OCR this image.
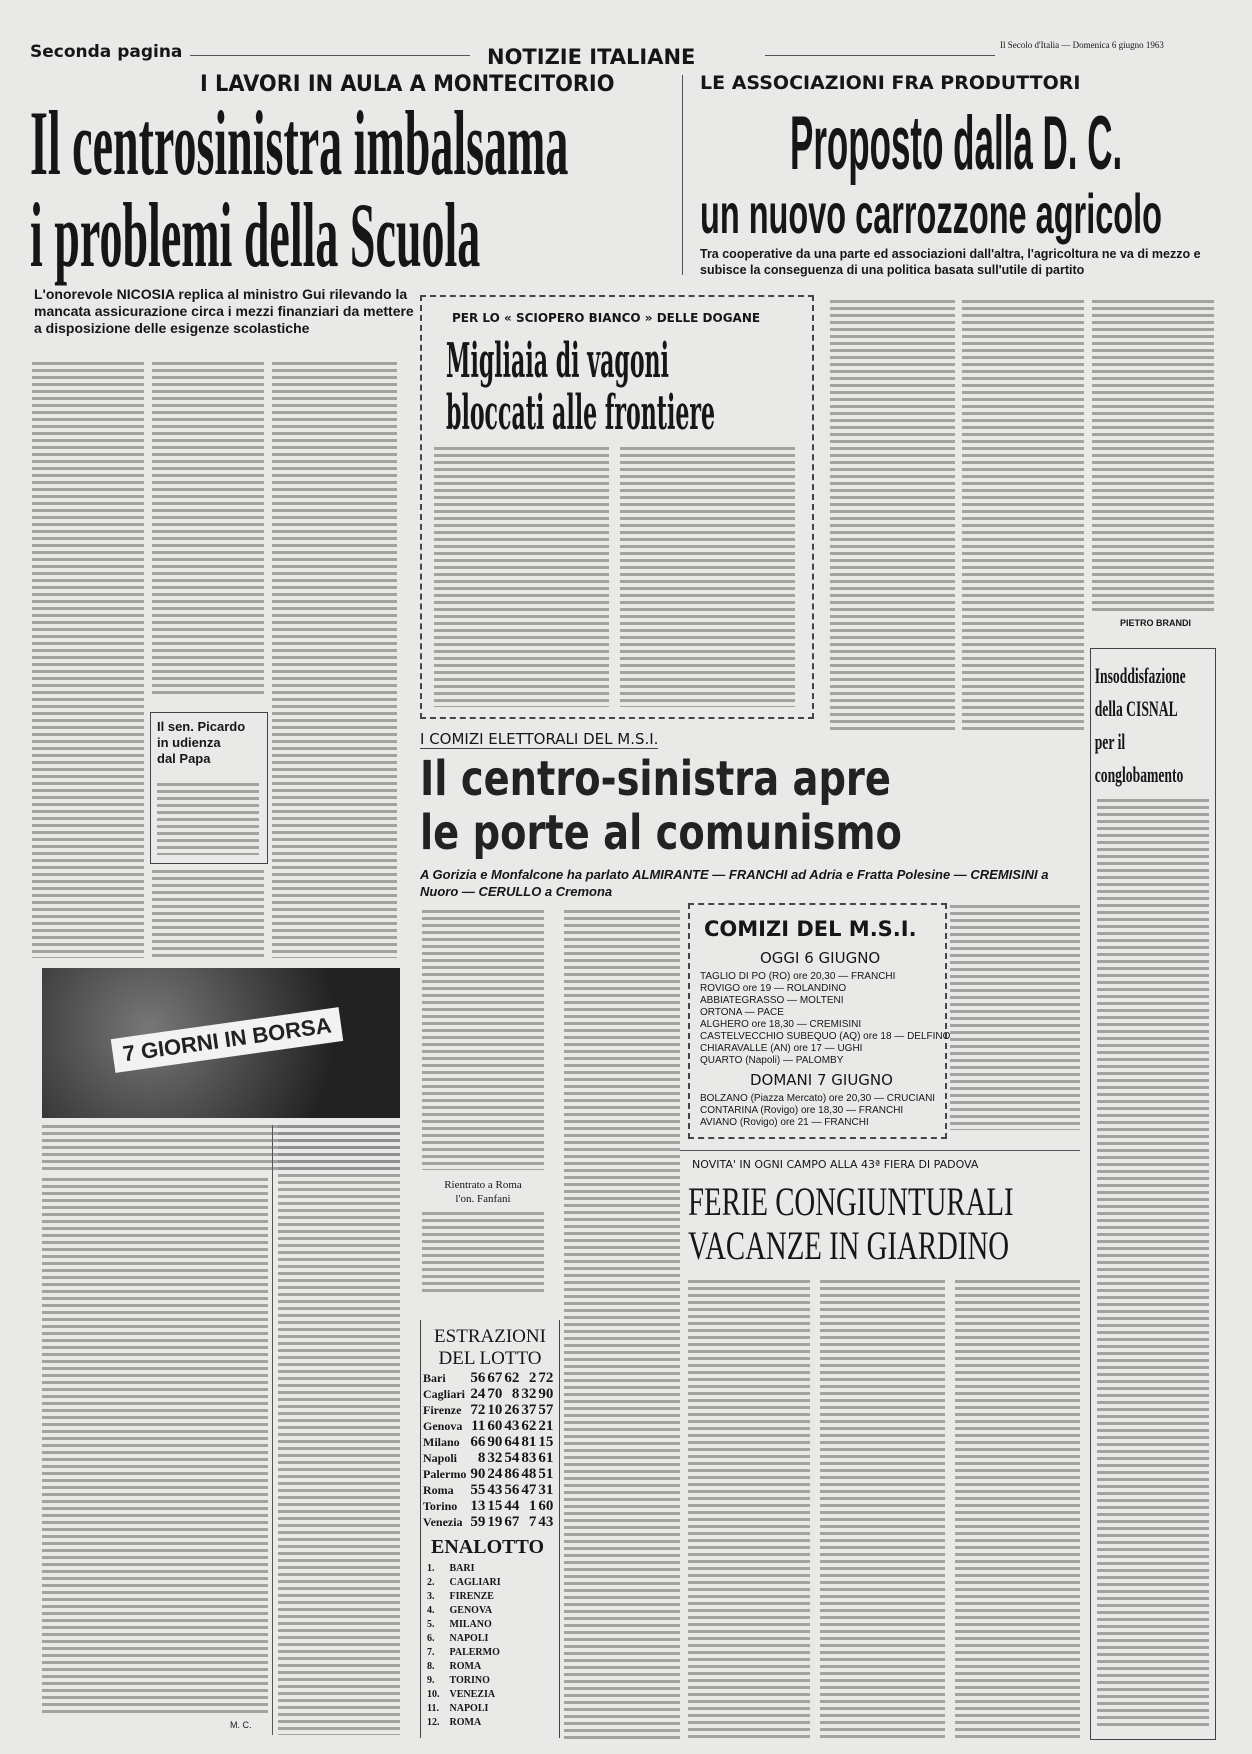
Seconda pagina	NOTIZIE ITALIANE	Il Secolo d'Italia — Domenica 6 giugno 1963
I LAVORI IN AULA A MONTECITORIO
Il centrosinistra imbalsama
i problemi della Scuola
L'onorevole NICOSIA replica al ministro Gui rilevando la mancata assicurazione circa i mezzi finanziari da mettere a disposizione delle esigenze scolastiche
Il sen. Picardo
in udienza
dal Papa
7 GIORNI IN BORSA
M. C.
PER LO « SCIOPERO BIANCO » DELLE DOGANE
Migliaia di vagoni
bloccati alle frontiere
LE ASSOCIAZIONI FRA PRODUTTORI
Proposto dalla D. C.
un nuovo carrozzone agricolo
Tra cooperative da una parte ed associazioni dall'altra, l'agricoltura ne va di mezzo e subisce la conseguenza di una politica basata sull'utile di partito
PIETRO BRANDI
Insoddisfazione
della CISNAL
per il
conglobamento
I COMIZI ELETTORALI DEL M.S.I.
Il centro-sinistra apre
le porte al comunismo
A Gorizia e Monfalcone ha parlato ALMIRANTE — FRANCHI ad Adria e Fratta Polesine — CREMISINI a Nuoro — CERULLO a Cremona
COMIZI DEL M.S.I.
OGGI 6 GIUGNO
TAGLIO DI PO (RO) ore 20,30 — FRANCHI
ROVIGO ore 19 — ROLANDINO
ABBIATEGRASSO — MOLTENI
ORTONA — PACE
ALGHERO ore 18,30 — CREMISINI
CASTELVECCHIO SUBEQUO (AQ) ore 18 — DELFINO
CHIARAVALLE (AN) ore 17 — UGHI
QUARTO (Napoli) — PALOMBY
DOMANI 7 GIUGNO
BOLZANO (Piazza Mercato) ore 20,30 — CRUCIANI
CONTARINA (Rovigo) ore 18,30 — FRANCHI
AVIANO (Rovigo) ore 21 — FRANCHI
Rientrato a Roma
l'on. Fanfani
ESTRAZIONI
DEL LOTTO
Bari	56	67	62	2	72
Cagliari	24	70	8	32	90
Firenze	72	10	26	37	57
Genova	11	60	43	62	21
Milano	66	90	64	81	15
Napoli	8	32	54	83	61
Palermo	90	24	86	48	51
Roma	55	43	56	47	31
Torino	13	15	44	1	60
Venezia	59	19	67	7	43
ENALOTTO
1.	BARI
2.	CAGLIARI
3.	FIRENZE
4.	GENOVA
5.	MILANO
6.	NAPOLI
7.	PALERMO
8.	ROMA
9.	TORINO
10.	VENEZIA
11.	NAPOLI
12.	ROMA
NOVITA' IN OGNI CAMPO ALLA 43ª FIERA DI PADOVA
FERIE CONGIUNTURALI
VACANZE IN GIARDINO
